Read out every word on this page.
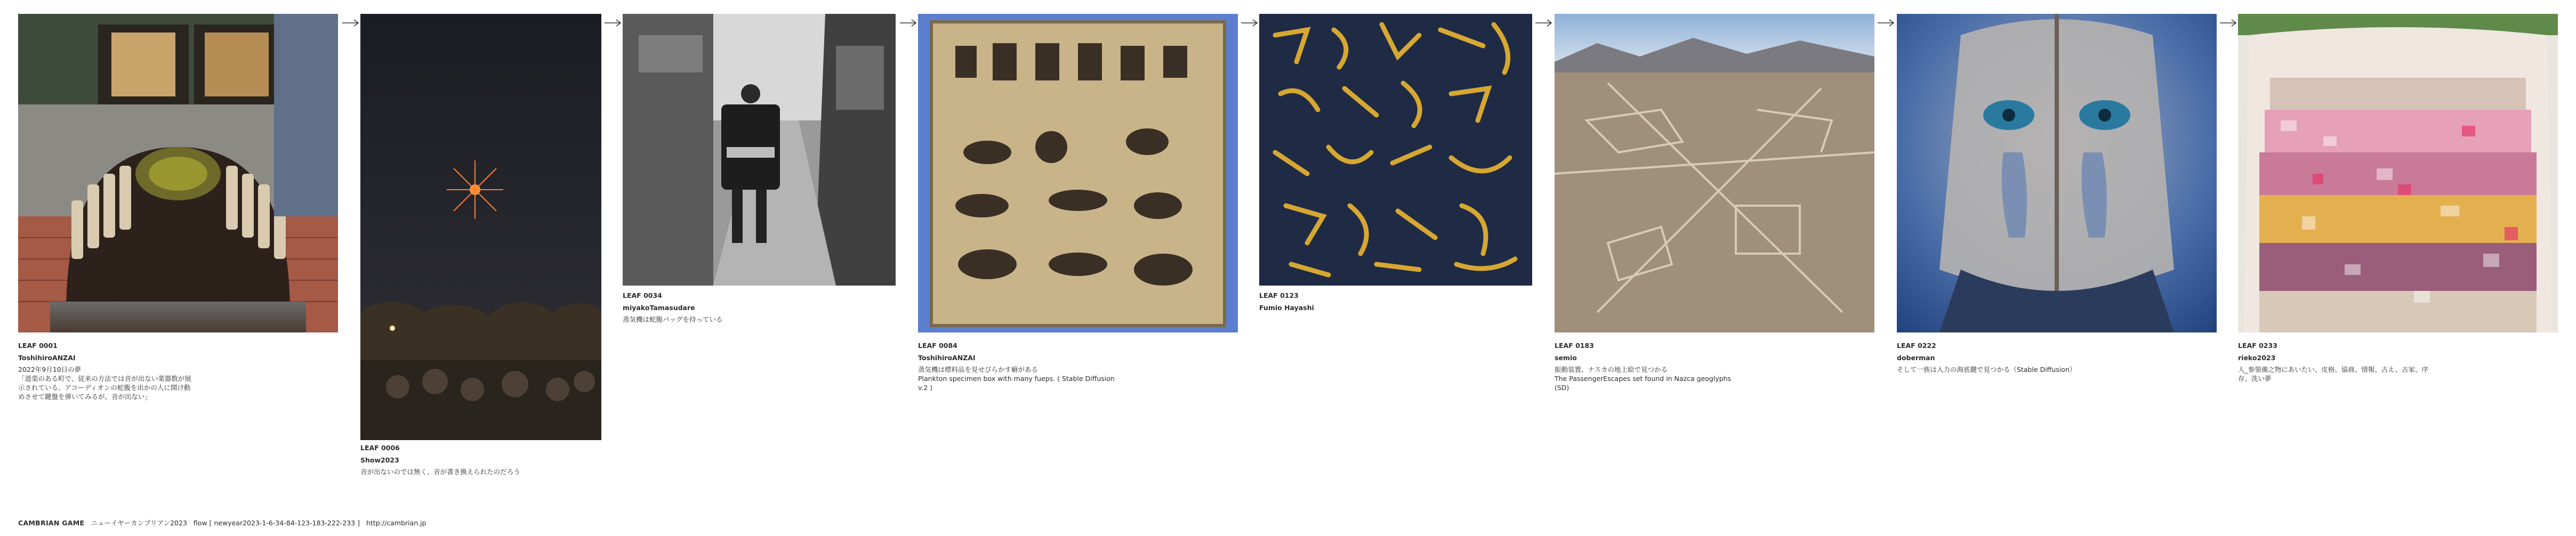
LEAF 0001
ToshihiroANZAI
2022年9月10日の夢
「道楽のある町で、従来の方法では音が出ない楽器数が展示されている。アコーディオンの蛇腹を出かの人に開け動めさせて鍵盤を弾いてみるが、音が出ない」
LEAF 0006
Show2023
音が出ないのでは無く、音が書き換えられたのだろう
LEAF 0034
miyakoTamasudare
蒸気機は蛇腹バッグを持っている
LEAF 0084
ToshihiroANZAI
蒸気機は標料品を見せびらかす癖がある
Plankton specimen box with many fueps. ( Stable Diffusion v.2 )
LEAF 0123
Fumio Hayashi
LEAF 0183
semio
振動装置、ナスカの地上絵で見つかる
The PassengerEscapes set found in Nazca geoglyphs
(SD)
LEAF 0222
doberman
そして一族は入力の海底鍵で見つかる（Stable Diffusion）
LEAF 0233
rieko2023
人_参領備之物にあいたい、皮格、協商、情報、古え、古家、序存、洗い夢
CAMBRIAN GAME ニューイヤーカンブリアン2023 flow [ newyear2023-1-6-34-84-123-183-222-233 ] http://cambrian.jp
